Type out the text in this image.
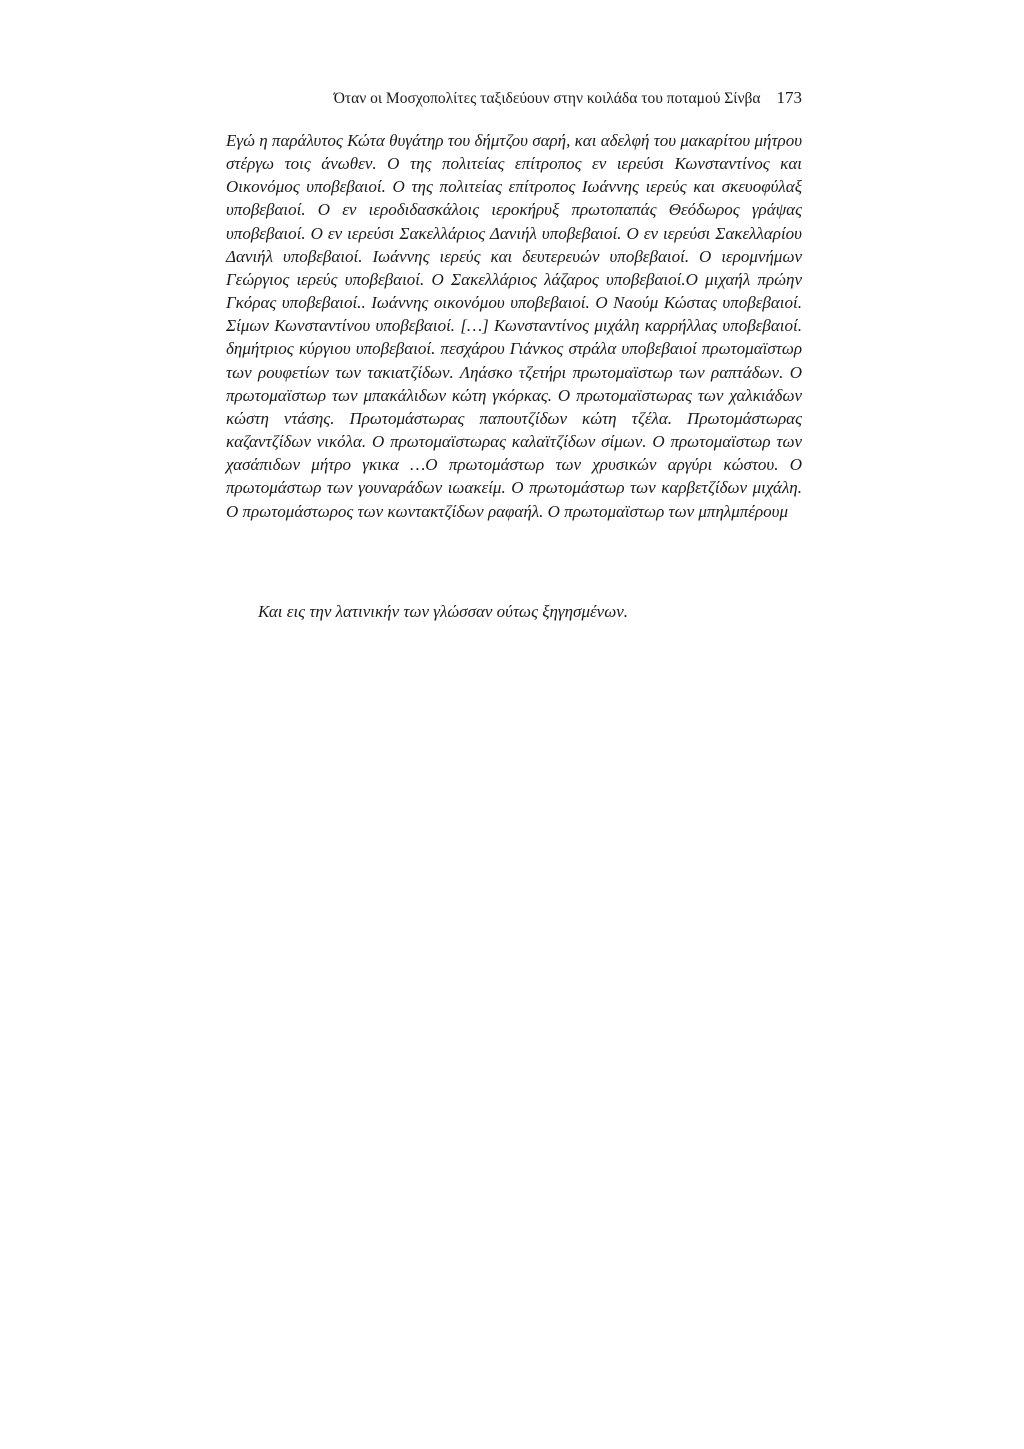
Όταν οι Μοσχοπολίτες ταξιδεύουν στην κοιλάδα του ποταμού Σίνβα 173

Εγώ η παράλυτος Κώτα θυγάτηρ του δήμτζου σαρή, και αδελφή του μακαρίτου μήτρου στέργω τοις άνωθεν. Ο της πολιτείας επίτροπος εν ιερεύσι Κωνσταντίνος και Οικονόμος υποβεβαιοί. Ο της πολιτείας επίτροπος Ιωάννης ιερεύς και σκευοφύλαξ υποβεβαιοί. Ο εν ιεροδιδασκάλοις ιεροκήρυξ πρωτοπαπάς Θεόδωρος γράψας υποβεβαιοί. Ο εν ιερεύσι Σακελλάριος Δανιήλ υποβεβαιοί. Ο εν ιερεύσι Σακελλαρίου Δανιήλ υποβεβαιοί. Ιωάννης ιερεύς και δευτερευών υποβεβαιοί. Ο ιερομνήμων Γεώργιος ιερεύς υποβεβαιοί. Ο Σακελλάριος λάζαρος υποβεβαιοί.Ο μιχαήλ πρώην Γκόρας υποβεβαιοί.. Ιωάννης οικονόμου υποβεβαιοί. Ο Ναούμ Κώστας υποβεβαιοί. Σίμων Κωνσταντίνου υποβεβαιοί. […] Κωνσταντίνος μιχάλη καρρήλλας υποβεβαιοί. δημήτριος κύργιου υποβεβαιοί. πεσχάρου Γιάνκος στράλα υποβεβαιοί πρωτομαϊστωρ των ρουφετίων των τακιατζίδων. Ληάσκο τζετήρι πρωτομαϊστωρ των ραπτάδων. Ο πρωτομαϊστωρ των μπακάλιδων κώτη γκόρκας. Ο πρωτομαϊστωρας των χαλκιάδων κώστη ντάσης. Πρωτομάστωρας παπουτζίδων κώτη τζέλα. Πρωτομάστωρας καζαντζίδων νικόλα. Ο πρωτομαϊστωρας καλαϊτζίδων σίμων. Ο πρωτομαϊστωρ των χασάπιδων μήτρο γκικα …Ο πρωτομάστωρ των χρυσικών αργύρι κώστου. Ο πρωτομάστωρ των γουναράδων ιωακείμ. Ο πρωτομάστωρ των καρβετζίδων μιχάλη. Ο πρωτομάστωρος των κωντακτζίδων ραφαήλ. Ο πρωτομαϊστωρ των μπηλμπέρουμ

Και εις την λατινικήν των γλώσσαν ούτως ξηγησμένων.
